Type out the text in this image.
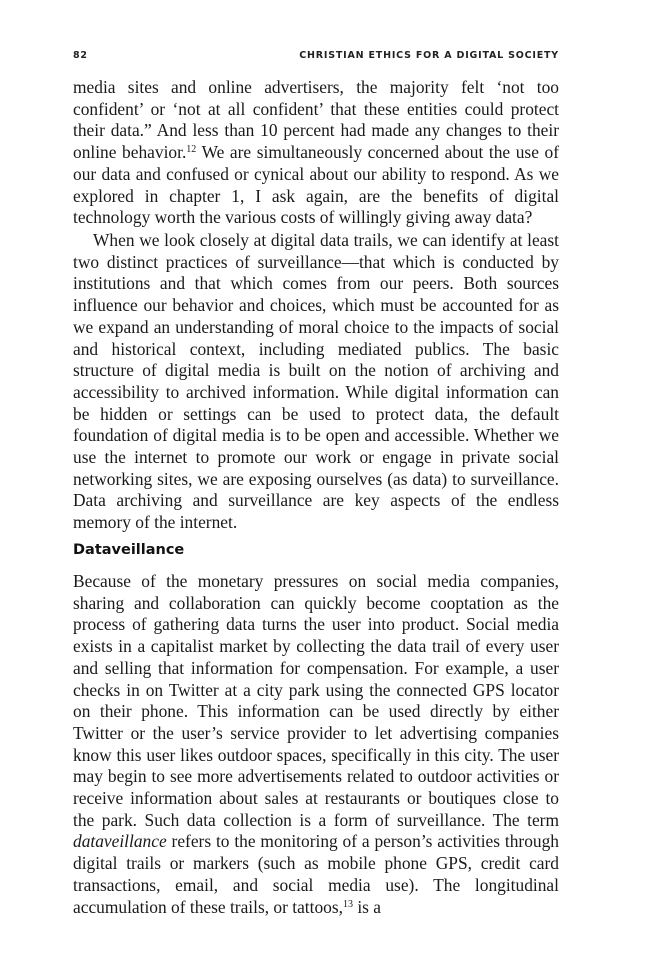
82	CHRISTIAN ETHICS FOR A DIGITAL SOCIETY

media sites and online advertisers, the majority felt ‘not too confident’ or ‘not at all confident’ that these entities could protect their data.” And less than 10 percent had made any changes to their online behavior.$^{12}$ We are simultaneously concerned about the use of our data and confused or cynical about our ability to respond. As we explored in chapter 1, I ask again, are the benefits of digital technology worth the various costs of willingly giving away data?

When we look closely at digital data trails, we can identify at least two distinct practices of surveillance—that which is conducted by institutions and that which comes from our peers. Both sources influence our behavior and choices, which must be accounted for as we expand an understanding of moral choice to the impacts of social and historical context, including mediated publics. The basic structure of digital media is built on the notion of archiving and accessibility to archived information. While digital information can be hidden or settings can be used to protect data, the default foundation of digital media is to be open and accessible. Whether we use the internet to promote our work or engage in private social networking sites, we are exposing ourselves (as data) to surveillance. Data archiving and surveillance are key aspects of the endless memory of the internet.

Dataveillance

Because of the monetary pressures on social media companies, sharing and collaboration can quickly become cooptation as the process of gathering data turns the user into product. Social media exists in a capitalist market by collecting the data trail of every user and selling that information for compensation. For example, a user checks in on Twitter at a city park using the connected GPS locator on their phone. This information can be used directly by either Twitter or the user’s service provider to let advertising companies know this user likes outdoor spaces, specifically in this city. The user may begin to see more advertisements related to outdoor activities or receive information about sales at restaurants or boutiques close to the park. Such data collection is a form of surveillance. The term dataveillance refers to the monitoring of a person’s activities through digital trails or markers (such as mobile phone GPS, credit card transactions, email, and social media use). The longitudinal accumulation of these trails, or tattoos,$^{13}$ is a
